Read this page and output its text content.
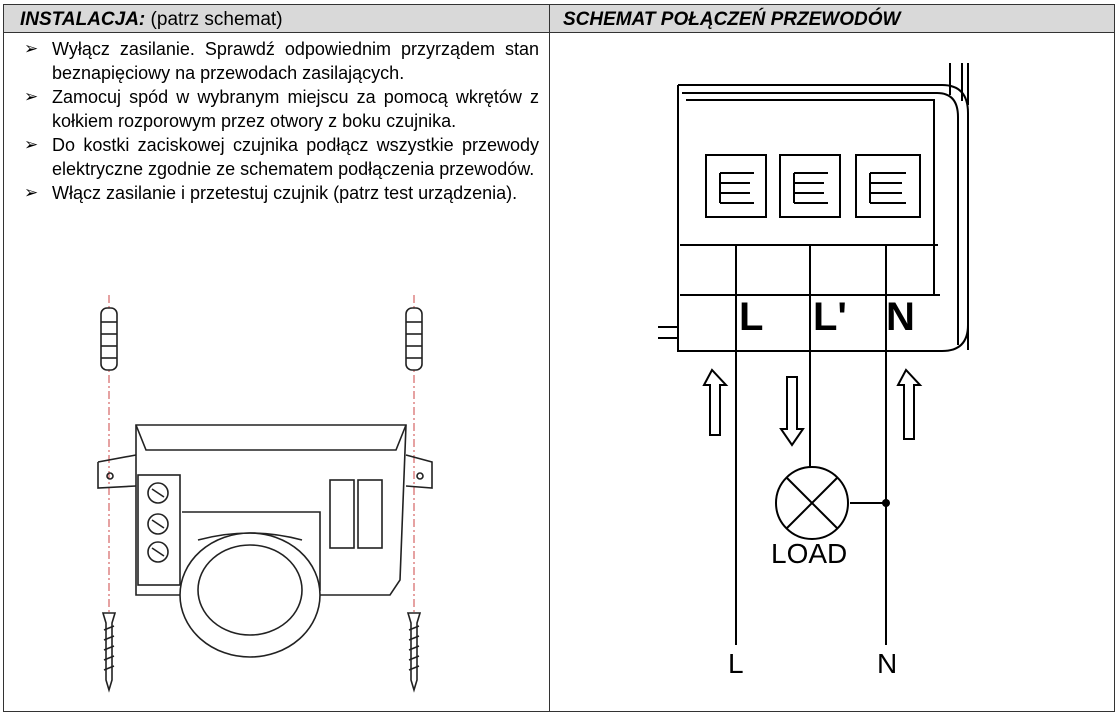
INSTALACJA: (patrz schemat)	SCHEMAT POŁĄCZEŃ PRZEWODÓW
➢ Wyłącz zasilanie. Sprawdź odpowiednim przyrządem stan beznapięciowy na przewodach zasilających.
➢ Zamocuj spód w wybranym miejscu za pomocą wkrętów z kołkiem rozporowym przez otwory z boku czujnika.
➢ Do kostki zaciskowej czujnika podłącz wszystkie przewody elektryczne zgodnie ze schematem podłączenia przewodów.
➢ Włącz zasilanie i przetestuj czujnik (patrz test urządzenia).
L L' N
LOAD
L	N
